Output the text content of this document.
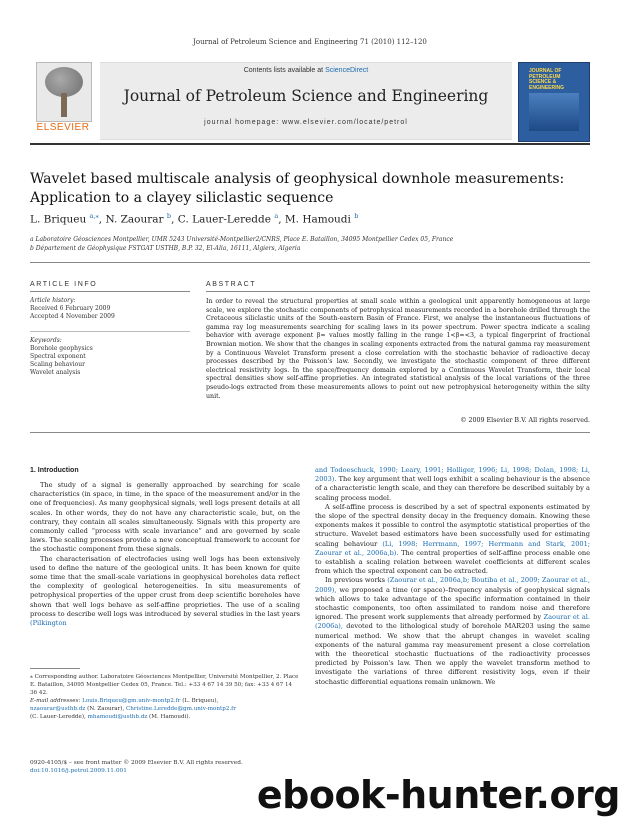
Journal of Petroleum Science and Engineering 71 (2010) 112–120
ELSEVIER
Contents lists available at ScienceDirect
Journal of Petroleum Science and Engineering
journal homepage: www.elsevier.com/locate/petrol
JOURNAL OF PETROLEUM SCIENCE & ENGINEERING
Wavelet based multiscale analysis of geophysical downhole measurements: Application to a clayey siliclastic sequence
L. Briqueu $^{a,⁎}$, N. Zaourar $^b$, C. Lauer-Leredde $^a$, M. Hamoudi $^b$
a Laboratoire Géosciences Montpellier, UMR 5243 Université-Montpellier2/CNRS, Place E. Bataillon, 34095 Montpellier Cedex 05, France
b Département de Géophysique FSTGAT USTHB, B.P. 32, El-Alia, 16111, Algiers, Algeria
ARTICLE INFO
Article history:
Received 6 February 2009
Accepted 4 November 2009
Keywords:
Borehole geophysics
Spectral exponent
Scaling behaviour
Wavelet analysis
ABSTRACT
In order to reveal the structural properties at small scale within a geological unit apparently homogeneous at large scale, we explore the stochastic components of petrophysical measurements recorded in a borehole drilled through the Cretaceous siliclastic units of the South-eastern Basin of France. First, we analyse the instantaneous fluctuations of gamma ray log measurements searching for scaling laws in its power spectrum. Power spectra indicate a scaling behavior with average exponent β≈ values mostly falling in the range 1<β≈<3, a typical fingerprint of fractional Brownian motion. We show that the changes in scaling exponents extracted from the natural gamma ray measurement by a Continuous Wavelet Transform present a close correlation with the stochastic behavior of radioactive decay processes described by the Poisson's law. Secondly, we investigate the stochastic component of three different electrical resistivity logs. In the space/frequency domain explored by a Continuous Wavelet Transform, their local spectral densities show self-affine proprieties. An integrated statistical analysis of the local variations of the three pseudo-logs extracted from these measurements allows to point out new petrophysical heterogeneity within the silty unit.
© 2009 Elsevier B.V. All rights reserved.
1. Introduction

The study of a signal is generally approached by searching for scale characteristics (in space, in time, in the space of the measurement and/or in the one of frequencies). As many geophysical signals, well logs present details at all scales. In other words, they do not have any characteristic scale, but, on the contrary, they contain all scales simultaneously. Signals with this property are commonly called “process with scale invariance” and are governed by scale laws. The scaling processes provide a new conceptual framework to account for the stochastic component from these signals.

The characterisation of electrofacies using well logs has been extensively used to define the nature of the geological units. It has been known for quite some time that the small-scale variations in geophysical boreholes data reflect the complexity of geological heterogeneities. In situ measurements of petrophysical properties of the upper crust from deep scientific boreholes have shown that well logs behave as self-affine proprieties. The use of a scaling process to describe well logs was introduced by several studies in the last years (Pilkington

and Todoeschuck, 1990; Leary, 1991; Holliger, 1996; Li, 1998; Dolan, 1998; Li, 2003). The key argument that well logs exhibit a scaling behaviour is the absence of a characteristic length scale, and they can therefore be described suitably by a scaling process model.

A self-affine process is described by a set of spectral exponents estimated by the slope of the spectral density decay in the frequency domain. Knowing these exponents makes it possible to control the asymptotic statistical properties of the structure. Wavelet based estimators have been successfully used for estimating scaling behaviour (Li, 1998; Herrmann, 1997; Herrmann and Stark, 2001; Zaourar et al., 2006a,b). The central properties of self-affine process enable one to establish a scaling relation between wavelet coefficients at different scales from which the spectral exponent can be extracted.

In previous works (Zaourar et al., 2006a,b; Boutiba et al., 2009; Zaourar et al., 2009), we proposed a time (or space)–frequency analysis of geophysical signals which allows to take advantage of the specific information contained in their stochastic components, too often assimilated to random noise and therefore ignored. The present work supplements that already performed by Zaourar et al. (2006a), devoted to the lithological study of borehole MAR203 using the same numerical method. We show that the abrupt changes in wavelet scaling exponents of the natural gamma ray measurement present a close correlation with the theoretical stochastic fluctuations of the radioactivity processes predicted by Poisson's law. Then we apply the wavelet transform method to investigate the variations of three different resistivity logs, even if their stochastic differential equations remain unknown. We

⁎ Corresponding author. Laboratoire Géosciences Montpellier, Université Montpellier, 2. Place E. Bataillon, 34095 Montpellier Cedex 05, France. Tel.: +33 4 67 14 39 50; fax: +33 4 67 14 36 42.
E-mail addresses: Louis.Briqueu@gm.univ-montp2.fr (L. Briqueu),
nzaourar@usthb.dz (N. Zaourar), Christine.Leredde@gm.univ-montp2.fr
(C. Lauer-Leredde), mhamoudi@usthb.dz (M. Hamoudi).
0920-4105/$ – see front matter © 2009 Elsevier B.V. All rights reserved.
doi:10.1016/j.petrol.2009.11.001
ebook-hunter.org
